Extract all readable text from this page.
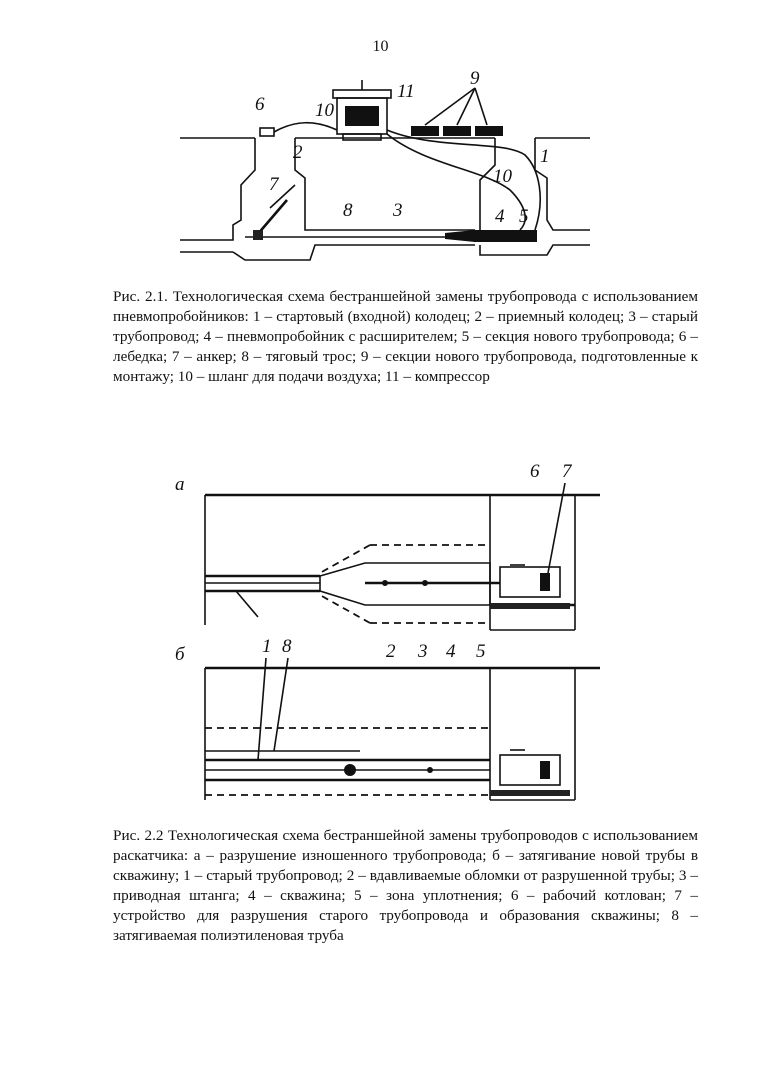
10
6	10
11
9
2	1
7
8 3
10
4 5
Рис. 2.1. Технологическая схема бестраншейной замены трубопровода с использованием пневмопробойников: 1 – стартовый (входной) колодец; 2 – приемный колодец; 3 – старый трубопровод; 4 – пневмопробойник с расширителем; 5 – секция нового трубопровода; 6 – лебедка; 7 – анкер; 8 – тяговый трос; 9 – секции нового трубопровода, подготовленные к монтажу; 10 – шланг для подачи воздуха; 11 – компрессор
а
6 7
2 3 4 5
б	1 8
Рис. 2.2 Технологическая схема бестраншейной замены трубопроводов с использованием раскатчика: а – разрушение изношенного трубопровода; б – затягивание новой трубы в скважину; 1 – старый трубопровод; 2 – вдавливаемые обломки от разрушенной трубы; 3 – приводная штанга; 4 – скважина; 5 – зона уплотнения; 6 – рабочий котлован; 7 – устройство для разрушения старого трубопровода и образования скважины; 8 – затягиваемая полиэтиленовая труба
